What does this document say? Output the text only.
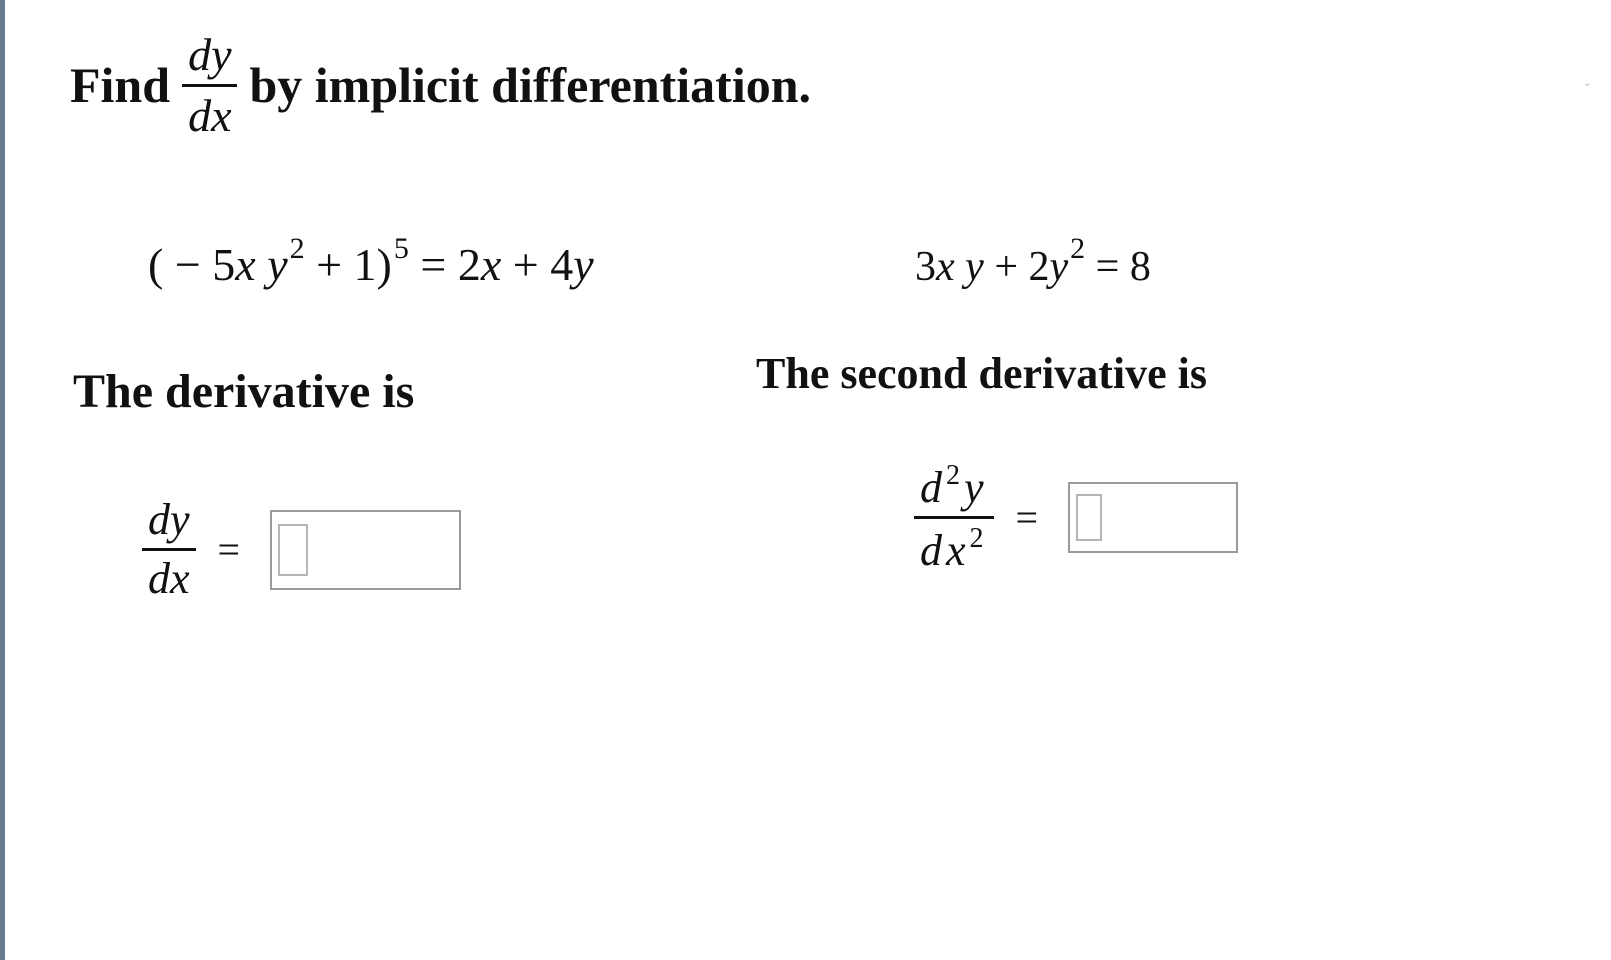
ˇ
Find $\frac{dy}{dx}$ by implicit differentiation.
( − 5x $y^2 + 1)^5 = 2x + 4y$	3x $y + 2y^2 = 8$
The derivative is	The second derivative is
$\frac{dy}{dx}$ =	$\frac{d^2y}{dx^2}$ =
